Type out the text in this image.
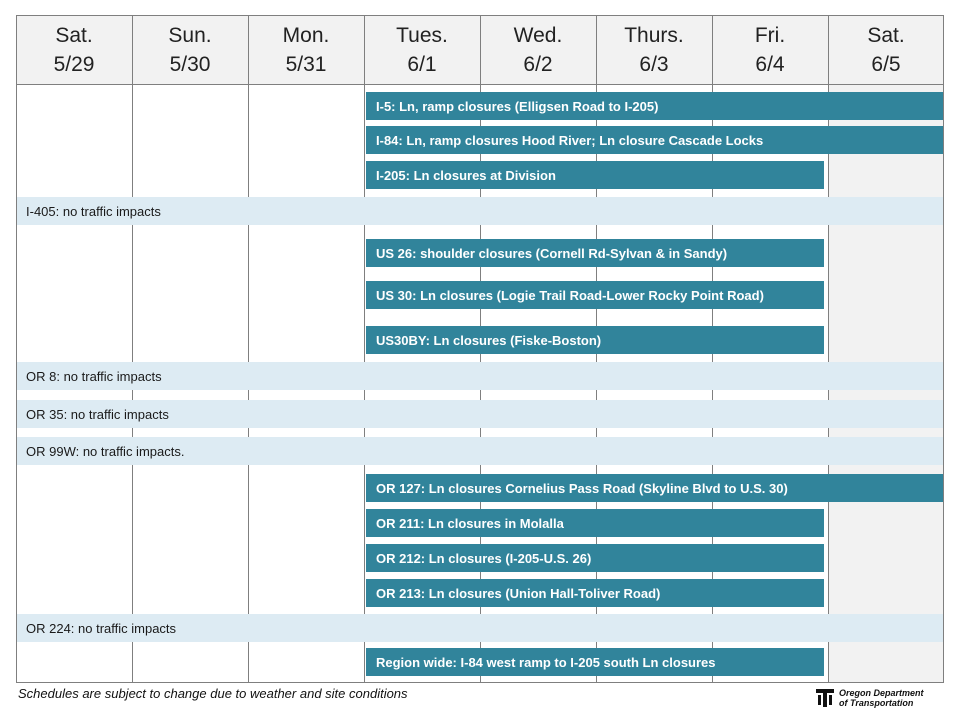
Sat.
5/29
Sun.
5/30
Mon.
5/31
Tues.
6/1
Wed.
6/2
Thurs.
6/3
Fri.
6/4
Sat.
6/5
I-5: Ln, ramp closures (Elligsen Road to I-205)
I-84: Ln, ramp closures Hood River; Ln closure Cascade Locks
I-205: Ln closures at Division
I-405: no traffic impacts
US 26: shoulder closures (Cornell Rd-Sylvan & in Sandy)
US 30: Ln closures (Logie Trail Road-Lower Rocky Point Road)
US30BY: Ln closures (Fiske-Boston)
OR 8: no traffic impacts
OR 35: no traffic impacts
OR 99W: no traffic impacts.
OR 127: Ln closures Cornelius Pass Road (Skyline Blvd to U.S. 30)
OR 211: Ln closures in Molalla
OR 212: Ln closures (I-205-U.S. 26)
OR 213: Ln closures (Union Hall-Toliver Road)
OR 224: no traffic impacts
Region wide: I-84 west ramp to I-205 south Ln closures
Schedules are subject to change due to weather and site conditions	Oregon Department
of Transportation
